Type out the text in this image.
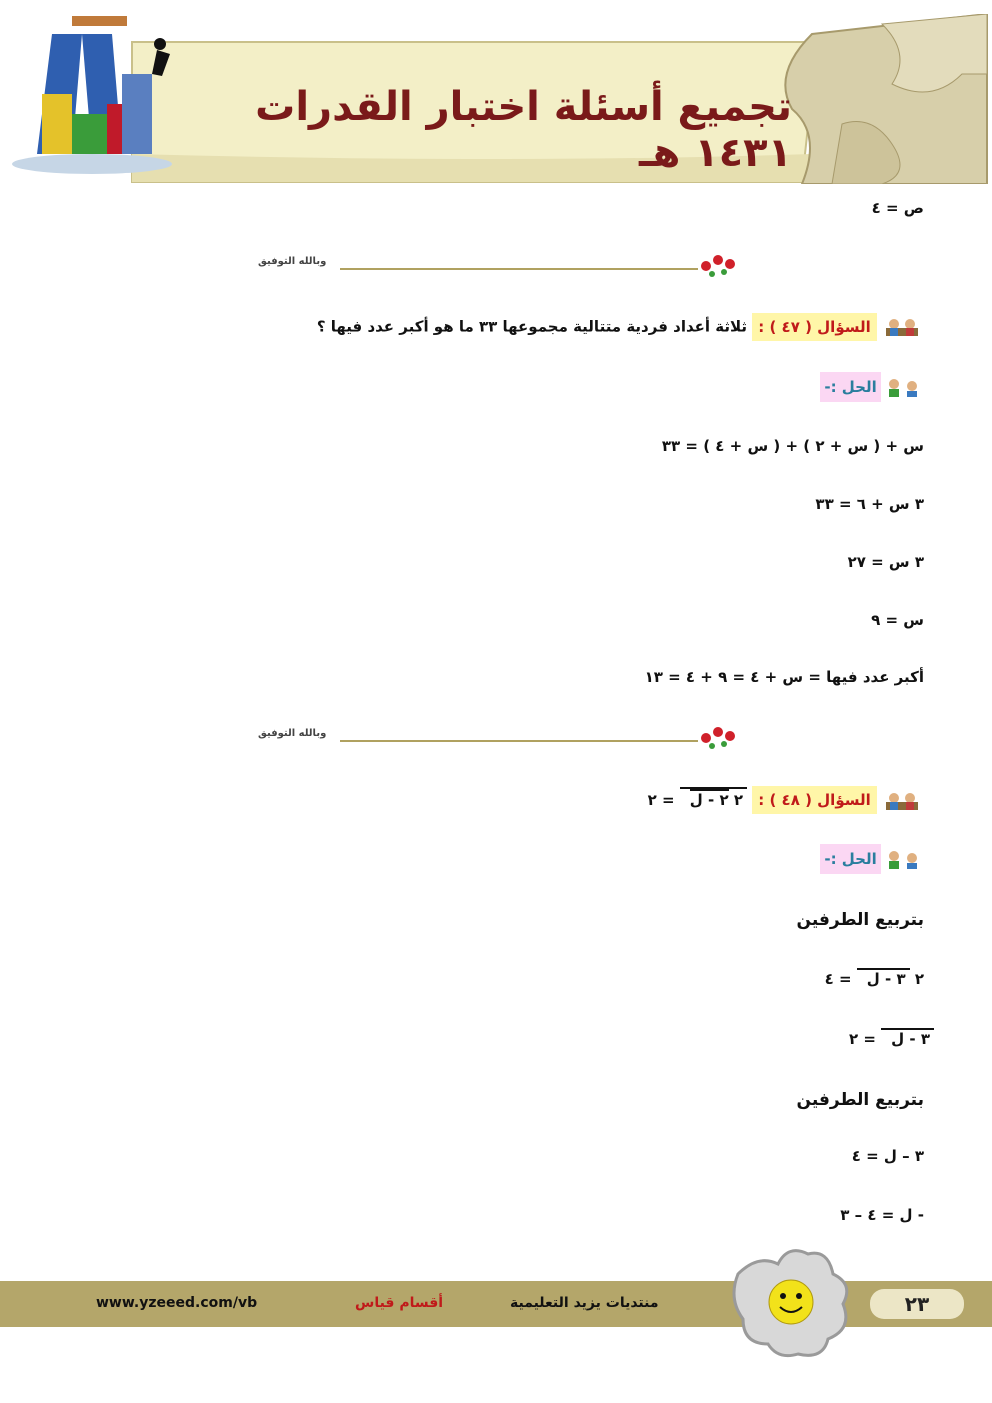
تجميع أسئلة اختبار القدرات ١٤٣١ هـ
ص = ٤
وبالله التوفيق
السؤال ( ٤٧ ) : ثلاثة أعداد فردية متتالية مجموعها ٣٣ ما هو أكبر عدد فيها ؟
الحل :-
س + ( س + ٢ ) + ( س + ٤ ) = ٣٣
٣ س + ٦ = ٣٣
٣ س = ٢٧
س = ٩
أكبر عدد فيها = س + ٤ = ٩ + ٤ = ١٣
وبالله التوفيق
السؤال ( ٤٨ ) : ٢ ٢ - ل = ٢
الحل :-
بتربيع الطرفين
٢ ٣ - ل = ٤
٣ - ل = ٢
بتربيع الطرفين
٣ – ل = ٤
- ل = ٤ – ٣
www.yzeeed.com/vb	أقسام قياس	منتديات يزيد التعليمية	٢٣
